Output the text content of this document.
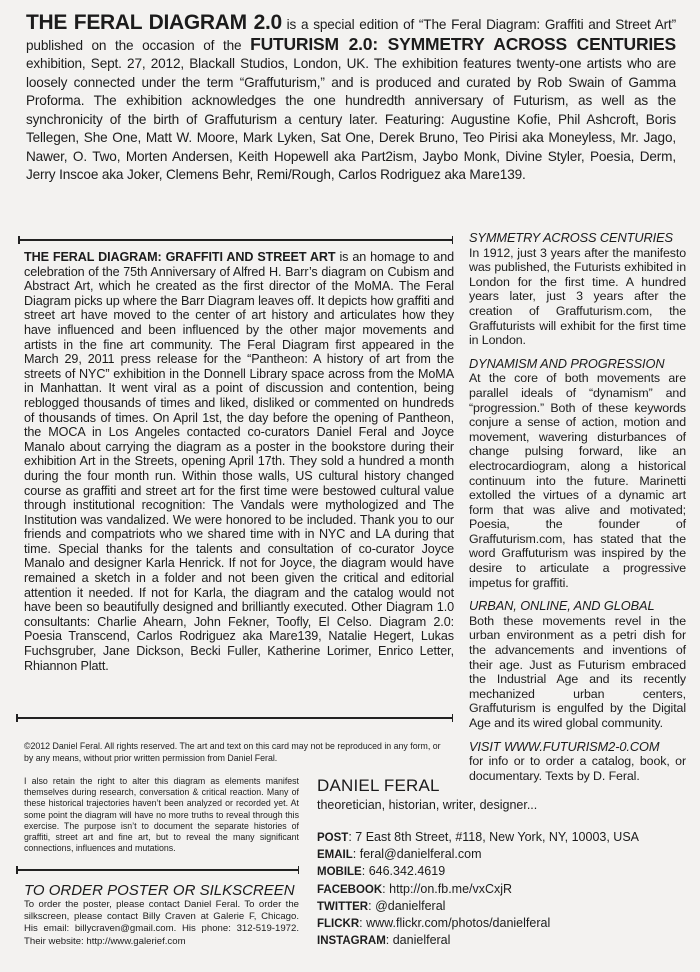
THE FERAL DIAGRAM 2.0 is a special edition of “The Feral Diagram: Graffiti and Street Art” published on the occasion of the FUTURISM 2.0: SYMMETRY ACROSS CENTURIES exhibition, Sept. 27, 2012, Blackall Studios, London, UK. The exhibition features twenty-one artists who are loosely connected under the term “Graffuturism,” and is produced and curated by Rob Swain of Gamma Proforma. The exhibition acknowledges the one hundredth anniversary of Futurism, as well as the synchronicity of the birth of Graffuturism a century later. Featuring: Augustine Kofie, Phil Ashcroft, Boris Tellegen, She One, Matt W. Moore, Mark Lyken, Sat One, Derek Bruno, Teo Pirisi aka Moneyless, Mr. Jago, Nawer, O. Two, Morten Andersen, Keith Hopewell aka Part2ism, Jaybo Monk, Divine Styler, Poesia, Derm, Jerry Inscoe aka Joker, Clemens Behr, Remi/Rough, Carlos Rodriguez aka Mare139.
THE FERAL DIAGRAM: GRAFFITI AND STREET ART is an homage to and celebration of the 75th Anniversary of Alfred H. Barr’s diagram on Cubism and Abstract Art, which he created as the first director of the MoMA. The Feral Diagram picks up where the Barr Diagram leaves off. It depicts how graffiti and street art have moved to the center of art history and articulates how they have influenced and been influenced by the other major movements and artists in the fine art community. The Feral Diagram first appeared in the March 29, 2011 press release for the “Pantheon: A history of art from the streets of NYC” exhibition in the Donnell Library space across from the MoMA in Manhattan. It went viral as a point of discussion and contention, being reblogged thousands of times and liked, disliked or commented on hundreds of thousands of times. On April 1st, the day before the opening of Pantheon, the MOCA in Los Angeles contacted co-curators Daniel Feral and Joyce Manalo about carrying the diagram as a poster in the bookstore during their exhibition Art in the Streets, opening April 17th. They sold a hundred a month during the four month run. Within those walls, US cultural history changed course as graffiti and street art for the first time were bestowed cultural value through institutional recognition: The Vandals were mythologized and The Institution was vandalized. We were honored to be included. Thank you to our friends and compatriots who we shared time with in NYC and LA during that time. Special thanks for the talents and consultation of co-curator Joyce Manalo and designer Karla Henrick. If not for Joyce, the diagram would have remained a sketch in a folder and not been given the critical and editorial attention it needed. If not for Karla, the diagram and the catalog would not have been so beautifully designed and brilliantly executed. Other Diagram 1.0 consultants: Charlie Ahearn, John Fekner, Toofly, El Celso. Diagram 2.0: Poesia Transcend, Carlos Rodriguez aka Mare139, Natalie Hegert, Lukas Fuchsgruber, Jane Dickson, Becki Fuller, Katherine Lorimer, Enrico Letter, Rhiannon Platt.
SYMMETRY ACROSS CENTURIES

In 1912, just 3 years after the manifesto was published, the Futurists exhibited in London for the first time. A hundred years later, just 3 years after the creation of Graffuturism.com, the Graffuturists will exhibit for the first time in London.

DYNAMISM AND PROGRESSION

At the core of both movements are parallel ideals of “dynamism” and “progression.” Both of these keywords conjure a sense of action, motion and movement, wavering disturbances of change pulsing forward, like an electrocardiogram, along a historical continuum into the future. Marinetti extolled the virtues of a dynamic art form that was alive and motivated; Poesia, the founder of Graffuturism.com, has stated that the word Graffuturism was inspired by the desire to articulate a progressive impetus for graffiti.

URBAN, ONLINE, AND GLOBAL

Both these movements revel in the urban environment as a petri dish for the advancements and inventions of their age. Just as Futurism embraced the Industrial Age and its recently mechanized urban centers, Graffuturism is engulfed by the Digital Age and its wired global community.

VISIT WWW.FUTURISM2-0.COM

for info or to order a catalog, book, or documentary. Texts by D. Feral.

©2012 Daniel Feral. All rights reserved. The art and text on this card may not be reproduced in any form, or by any means, without prior written permission from Daniel Feral.
I also retain the right to alter this diagram as elements manifest themselves during research, conversation & critical reaction. Many of these historical trajectories haven’t been analyzed or recorded yet. At some point the diagram will have no more truths to reveal through this exercise. The purpose isn’t to document the separate histories of graffiti, street art and fine art, but to reveal the many significant connections, influences and mutations.
TO ORDER POSTER OR SILKSCREEN

To order the poster, please contact Daniel Feral. To order the silkscreen, please contact Billy Craven at Galerie F, Chicago. His email: billycraven@gmail.com. His phone: 312-519-1972. Their website: http://www.galerief.com

DANIEL FERAL
theoretician, historian, writer, designer...
POST: 7 East 8th Street, #118, New York, NY, 10003, USA
EMAIL: feral@danielferal.com
MOBILE: 646.342.4619
FACEBOOK: http://on.fb.me/vxCxjR
TWITTER: @danielferal
FLICKR: www.flickr.com/photos/danielferal
INSTAGRAM: danielferal
